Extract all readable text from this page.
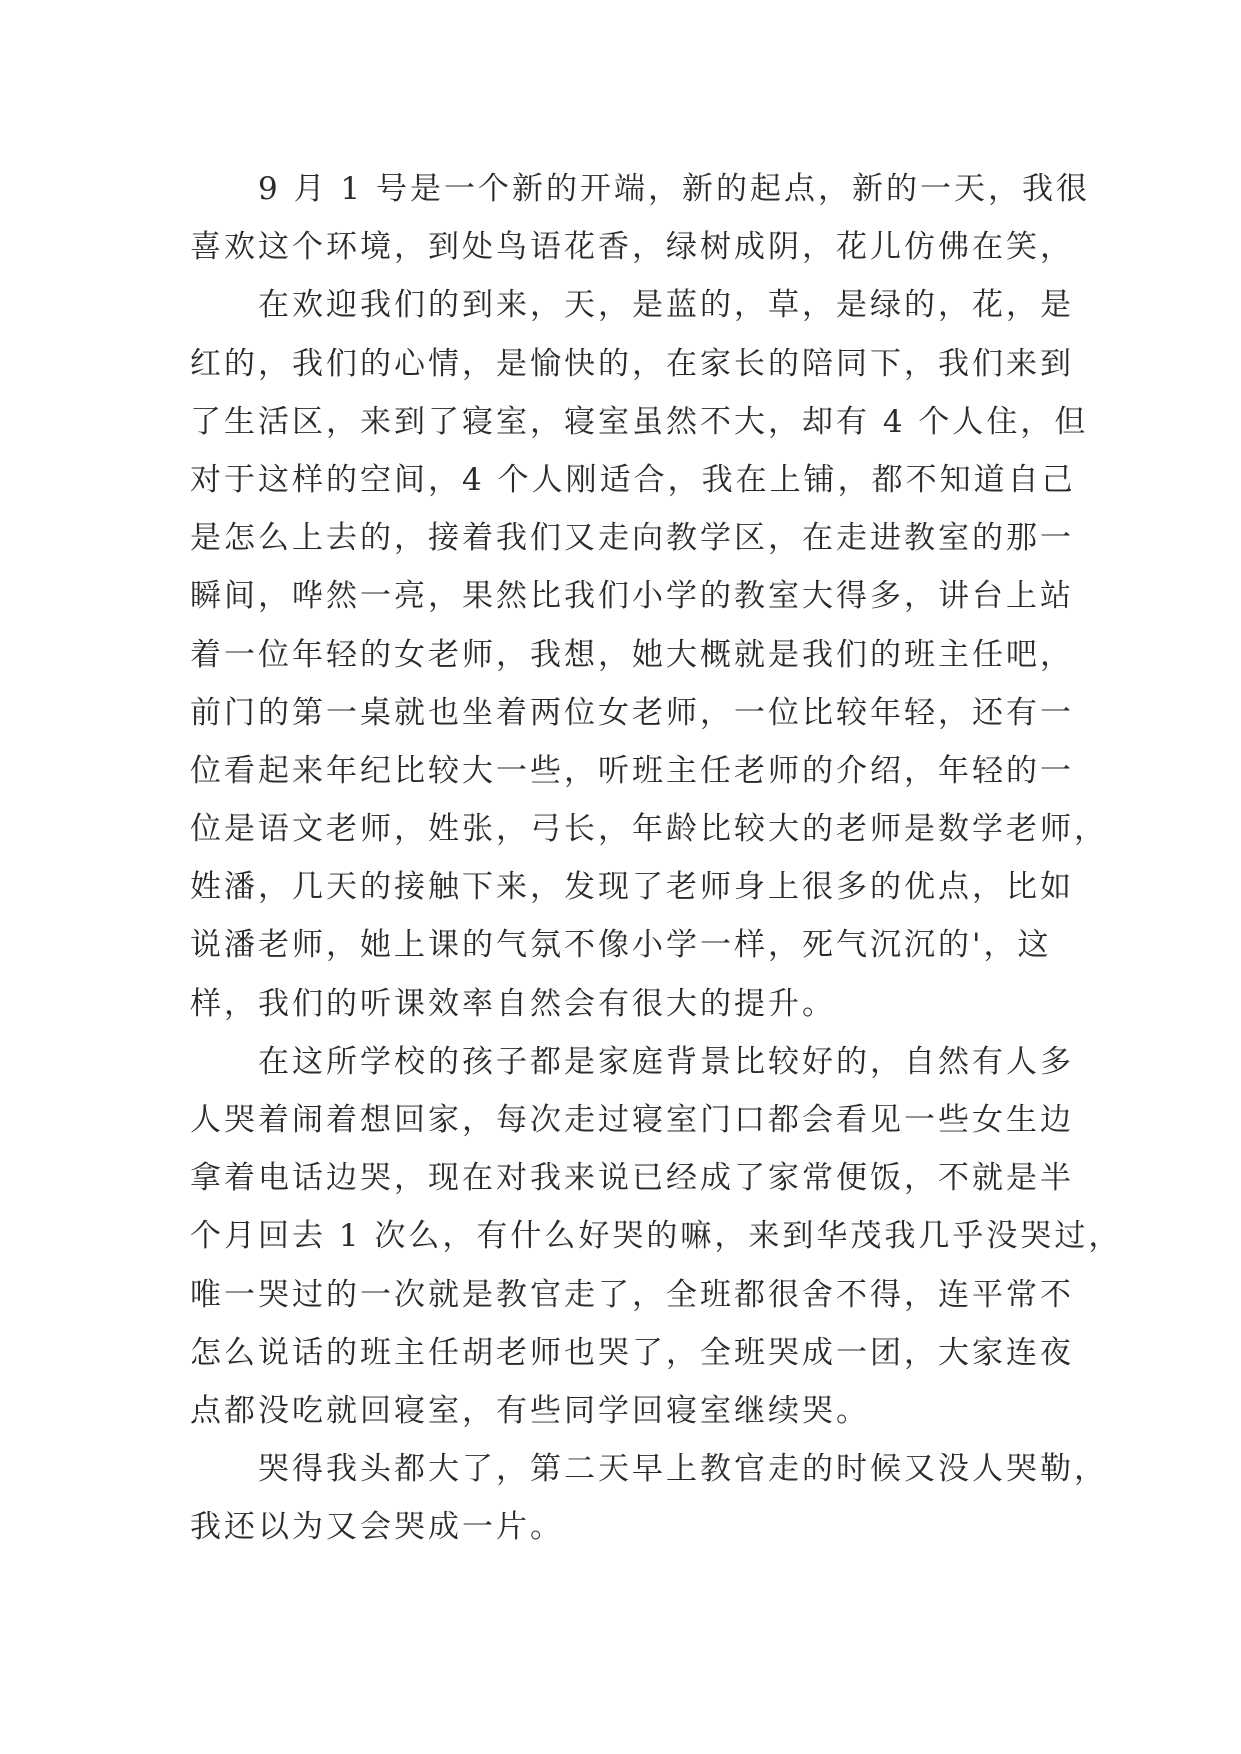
9 月 1 号是一个新的开端，新的起点，新的一天，我很
喜欢这个环境，到处鸟语花香，绿树成阴，花儿仿佛在笑，
在欢迎我们的到来，天，是蓝的，草，是绿的，花，是
红的，我们的心情，是愉快的，在家长的陪同下，我们来到
了生活区，来到了寝室，寝室虽然不大，却有 4 个人住，但
对于这样的空间，4 个人刚适合，我在上铺，都不知道自己
是怎么上去的，接着我们又走向教学区，在走进教室的那一
瞬间，哗然一亮，果然比我们小学的教室大得多，讲台上站
着一位年轻的女老师，我想，她大概就是我们的班主任吧，
前门的第一桌就也坐着两位女老师，一位比较年轻，还有一
位看起来年纪比较大一些，听班主任老师的介绍，年轻的一
位是语文老师，姓张，弓长，年龄比较大的老师是数学老师，
姓潘，几天的接触下来，发现了老师身上很多的优点，比如
说潘老师，她上课的气氛不像小学一样，死气沉沉的'，这
样，我们的听课效率自然会有很大的提升。
在这所学校的孩子都是家庭背景比较好的，自然有人多
人哭着闹着想回家，每次走过寝室门口都会看见一些女生边
拿着电话边哭，现在对我来说已经成了家常便饭，不就是半
个月回去 1 次么，有什么好哭的嘛，来到华茂我几乎没哭过，
唯一哭过的一次就是教官走了，全班都很舍不得，连平常不
怎么说话的班主任胡老师也哭了，全班哭成一团，大家连夜
点都没吃就回寝室，有些同学回寝室继续哭。
哭得我头都大了，第二天早上教官走的时候又没人哭勒，
我还以为又会哭成一片。
